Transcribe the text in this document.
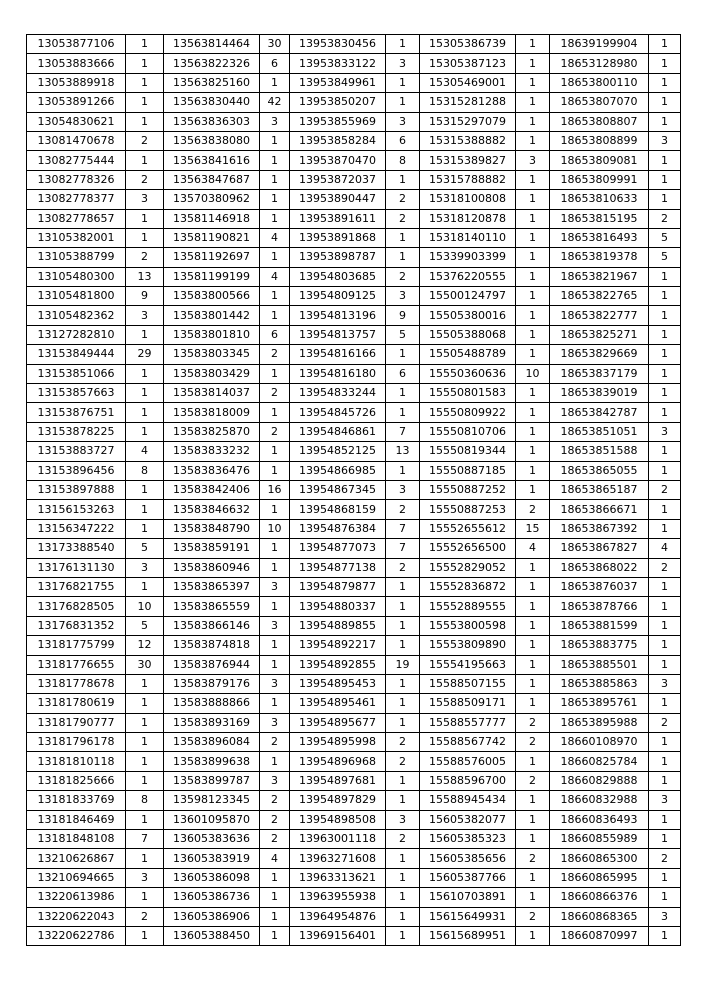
13053877106	1	13563814464	30	13953830456	1	15305386739	1	18639199904	1
13053883666	1	13563822326	6	13953833122	3	15305387123	1	18653128980	1
13053889918	1	13563825160	1	13953849961	1	15305469001	1	18653800110	1
13053891266	1	13563830440	42	13953850207	1	15315281288	1	18653807070	1
13054830621	1	13563836303	3	13953855969	3	15315297079	1	18653808807	1
13081470678	2	13563838080	1	13953858284	6	15315388882	1	18653808899	3
13082775444	1	13563841616	1	13953870470	8	15315389827	3	18653809081	1
13082778326	2	13563847687	1	13953872037	1	15315788882	1	18653809991	1
13082778377	3	13570380962	1	13953890447	2	15318100808	1	18653810633	1
13082778657	1	13581146918	1	13953891611	2	15318120878	1	18653815195	2
13105382001	1	13581190821	4	13953891868	1	15318140110	1	18653816493	5
13105388799	2	13581192697	1	13953898787	1	15339903399	1	18653819378	5
13105480300	13	13581199199	4	13954803685	2	15376220555	1	18653821967	1
13105481800	9	13583800566	1	13954809125	3	15500124797	1	18653822765	1
13105482362	3	13583801442	1	13954813196	9	15505380016	1	18653822777	1
13127282810	1	13583801810	6	13954813757	5	15505388068	1	18653825271	1
13153849444	29	13583803345	2	13954816166	1	15505488789	1	18653829669	1
13153851066	1	13583803429	1	13954816180	6	15550360636	10	18653837179	1
13153857663	1	13583814037	2	13954833244	1	15550801583	1	18653839019	1
13153876751	1	13583818009	1	13954845726	1	15550809922	1	18653842787	1
13153878225	1	13583825870	2	13954846861	7	15550810706	1	18653851051	3
13153883727	4	13583833232	1	13954852125	13	15550819344	1	18653851588	1
13153896456	8	13583836476	1	13954866985	1	15550887185	1	18653865055	1
13153897888	1	13583842406	16	13954867345	3	15550887252	1	18653865187	2
13156153263	1	13583846632	1	13954868159	2	15550887253	2	18653866671	1
13156347222	1	13583848790	10	13954876384	7	15552655612	15	18653867392	1
13173388540	5	13583859191	1	13954877073	7	15552656500	4	18653867827	4
13176131130	3	13583860946	1	13954877138	2	15552829052	1	18653868022	2
13176821755	1	13583865397	3	13954879877	1	15552836872	1	18653876037	1
13176828505	10	13583865559	1	13954880337	1	15552889555	1	18653878766	1
13176831352	5	13583866146	3	13954889855	1	15553800598	1	18653881599	1
13181775799	12	13583874818	1	13954892217	1	15553809890	1	18653883775	1
13181776655	30	13583876944	1	13954892855	19	15554195663	1	18653885501	1
13181778678	1	13583879176	3	13954895453	1	15588507155	1	18653885863	3
13181780619	1	13583888866	1	13954895461	1	15588509171	1	18653895761	1
13181790777	1	13583893169	3	13954895677	1	15588557777	2	18653895988	2
13181796178	1	13583896084	2	13954895998	2	15588567742	2	18660108970	1
13181810118	1	13583899638	1	13954896968	2	15588576005	1	18660825784	1
13181825666	1	13583899787	3	13954897681	1	15588596700	2	18660829888	1
13181833769	8	13598123345	2	13954897829	1	15588945434	1	18660832988	3
13181846469	1	13601095870	2	13954898508	3	15605382077	1	18660836493	1
13181848108	7	13605383636	2	13963001118	2	15605385323	1	18660855989	1
13210626867	1	13605383919	4	13963271608	1	15605385656	2	18660865300	2
13210694665	3	13605386098	1	13963313621	1	15605387766	1	18660865995	1
13220613986	1	13605386736	1	13963955938	1	15610703891	1	18660866376	1
13220622043	2	13605386906	1	13964954876	1	15615649931	2	18660868365	3
13220622786	1	13605388450	1	13969156401	1	15615689951	1	18660870997	1
